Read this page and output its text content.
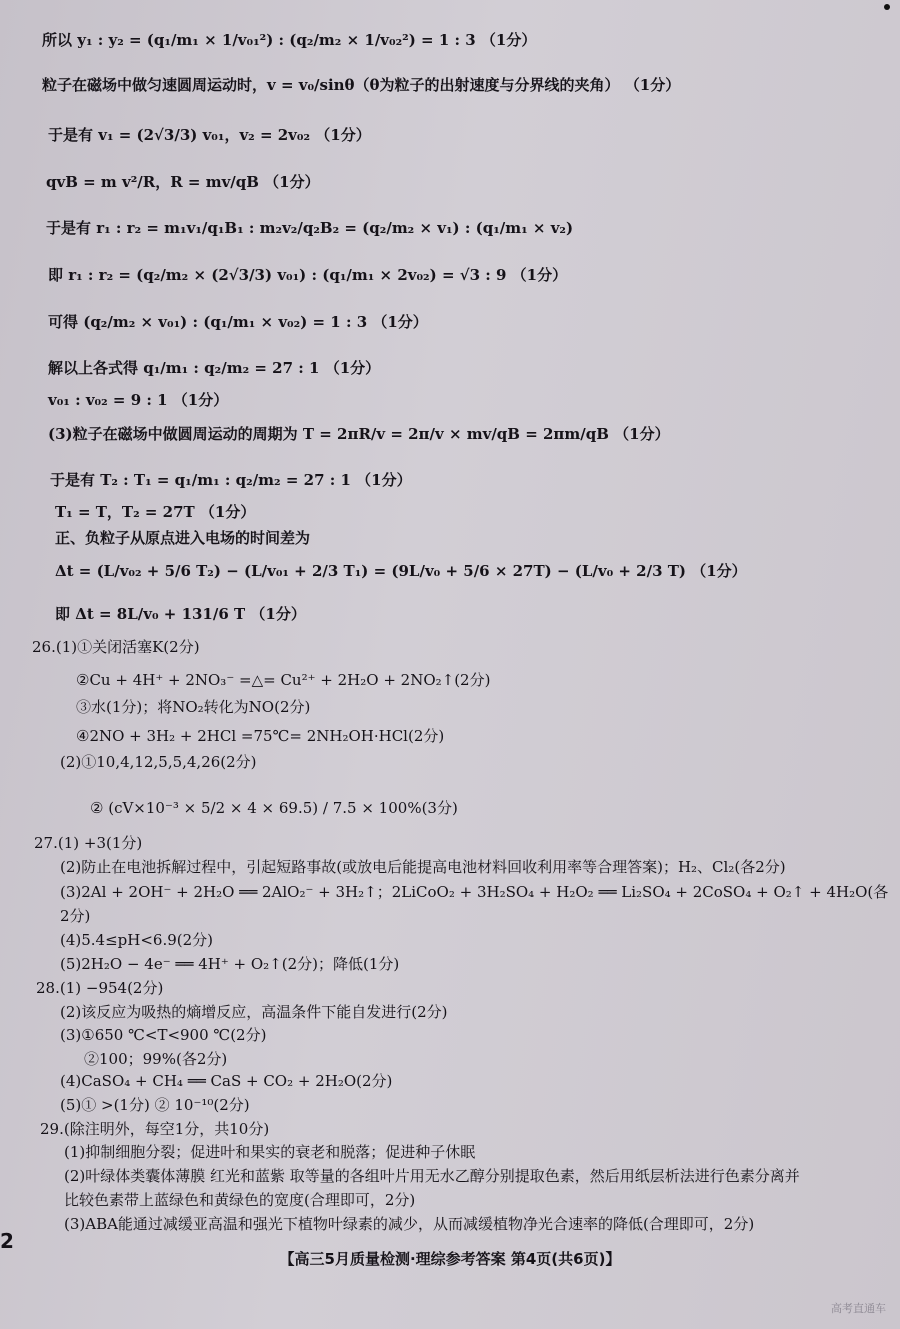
所以 y₁ : y₂ = (q₁/m₁ × 1/v₀₁²) : (q₂/m₂ × 1/v₀₂²) = 1 : 3 （1分）
粒子在磁场中做匀速圆周运动时，v = v₀/sinθ（θ为粒子的出射速度与分界线的夹角） （1分）
于是有 v₁ = (2√3/3) v₀₁，v₂ = 2v₀₂ （1分）
qvB = m v²/R，R = mv/qB （1分）
于是有 r₁ : r₂ = m₁v₁/q₁B₁ : m₂v₂/q₂B₂ = (q₂/m₂ × v₁) : (q₁/m₁ × v₂)
即 r₁ : r₂ = (q₂/m₂ × (2√3/3) v₀₁) : (q₁/m₁ × 2v₀₂) = √3 : 9 （1分）
可得 (q₂/m₂ × v₀₁) : (q₁/m₁ × v₀₂) = 1 : 3 （1分）
解以上各式得 q₁/m₁ : q₂/m₂ = 27 : 1 （1分）
v₀₁ : v₀₂ = 9 : 1 （1分）
(3)粒子在磁场中做圆周运动的周期为 T = 2πR/v = 2π/v × mv/qB = 2πm/qB （1分）
于是有 T₂ : T₁ = q₁/m₁ : q₂/m₂ = 27 : 1 （1分）
T₁ = T，T₂ = 27T （1分）
正、负粒子从原点进入电场的时间差为
Δt = (L/v₀₂ + 5/6 T₂) − (L/v₀₁ + 2/3 T₁) = (9L/v₀ + 5/6 × 27T) − (L/v₀ + 2/3 T) （1分）
即 Δt = 8L/v₀ + 131/6 T （1分）
26.(1)①关闭活塞K(2分)
②Cu + 4H⁺ + 2NO₃⁻ =△= Cu²⁺ + 2H₂O + 2NO₂↑(2分)
③水(1分)；将NO₂转化为NO(2分)
④2NO + 3H₂ + 2HCl =75℃= 2NH₂OH·HCl(2分)
(2)①10,4,12,5,5,4,26(2分)
② (cV×10⁻³ × 5/2 × 4 × 69.5) / 7.5 × 100%(3分)
27.(1) +3(1分)
(2)防止在电池拆解过程中，引起短路事故(或放电后能提高电池材料回收利用率等合理答案)；H₂、Cl₂(各2分)
(3)2Al + 2OH⁻ + 2H₂O ══ 2AlO₂⁻ + 3H₂↑；2LiCoO₂ + 3H₂SO₄ + H₂O₂ ══ Li₂SO₄ + 2CoSO₄ + O₂↑ + 4H₂O(各
2分)
(4)5.4≤pH<6.9(2分)
(5)2H₂O − 4e⁻ ══ 4H⁺ + O₂↑(2分)；降低(1分)
28.(1) −954(2分)
(2)该反应为吸热的熵增反应，高温条件下能自发进行(2分)
(3)①650 ℃<T<900 ℃(2分)
②100；99%(各2分)
(4)CaSO₄ + CH₄ ══ CaS + CO₂ + 2H₂O(2分)
(5)① >(1分) ② 10⁻¹⁰(2分)
29.(除注明外，每空1分，共10分)
(1)抑制细胞分裂；促进叶和果实的衰老和脱落；促进种子休眠
(2)叶绿体类囊体薄膜 红光和蓝紫 取等量的各组叶片用无水乙醇分别提取色素，然后用纸层析法进行色素分离并
比较色素带上蓝绿色和黄绿色的宽度(合理即可，2分)
(3)ABA能通过减缓亚高温和强光下植物叶绿素的减少，从而减缓植物净光合速率的降低(合理即可，2分)
2
【高三5月质量检测·理综参考答案 第4页(共6页)】
高考直通车
